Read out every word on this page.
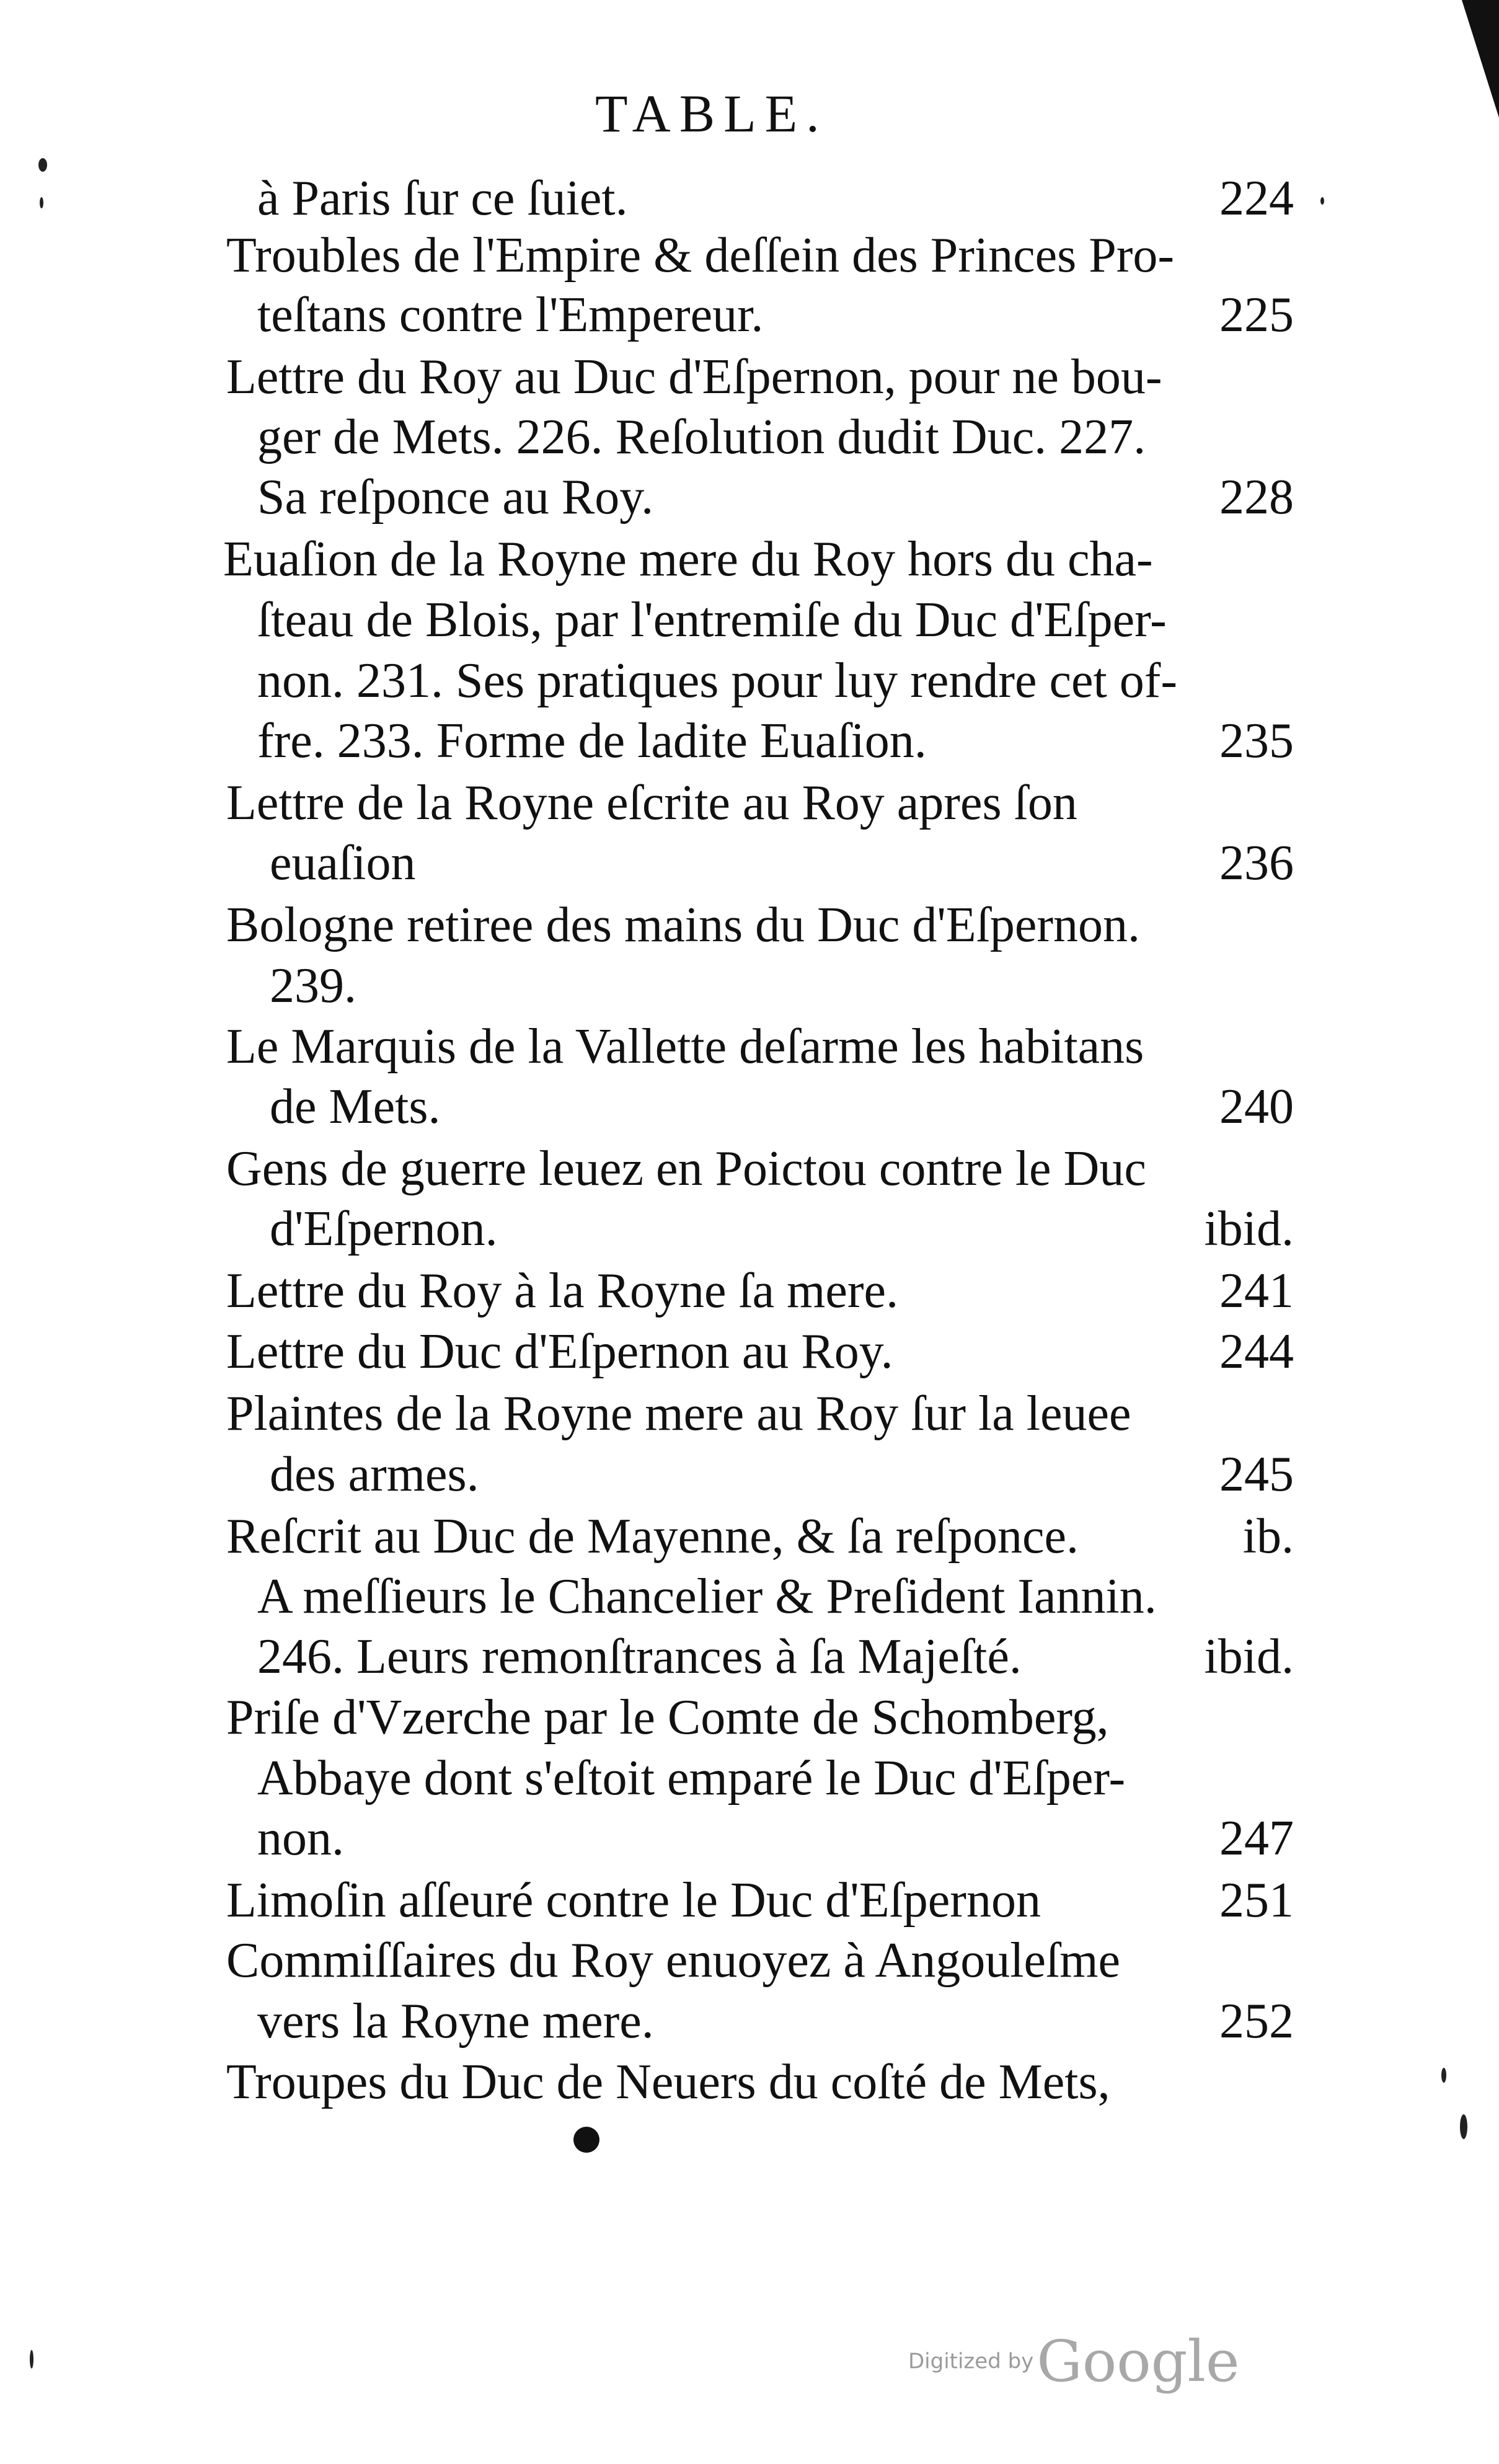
TABLE.
à Paris ſur ce ſuiet.	224
Troubles de l'Empire & deſſein des Princes Pro-
teſtans contre l'Empereur.	225
Lettre du Roy au Duc d'Eſpernon, pour ne bou-
ger de Mets. 226. Reſolution dudit Duc. 227.
Sa reſponce au Roy.	228
Euaſion de la Royne mere du Roy hors du cha-
ſteau de Blois, par l'entremiſe du Duc d'Eſper-
non. 231. Ses pratiques pour luy rendre cet of-
fre. 233. Forme de ladite Euaſion.	235
Lettre de la Royne eſcrite au Roy apres ſon
euaſion	236
Bologne retiree des mains du Duc d'Eſpernon.
239.
Le Marquis de la Vallette deſarme les habitans
de Mets.	240
Gens de guerre leuez en Poictou contre le Duc
d'Eſpernon.	ibid.
Lettre du Roy à la Royne ſa mere.	241
Lettre du Duc d'Eſpernon au Roy.	244
Plaintes de la Royne mere au Roy ſur la leuee
des armes.	245
Reſcrit au Duc de Mayenne, & ſa reſponce.	ib.
A meſſieurs le Chancelier & Preſident Iannin.
246. Leurs remonſtrances à ſa Majeſté.	ibid.
Priſe d'Vzerche par le Comte de Schomberg,
Abbaye dont s'eſtoit emparé le Duc d'Eſper-
non.	247
Limoſin aſſeuré contre le Duc d'Eſpernon	251
Commiſſaires du Roy enuoyez à Angouleſme
vers la Royne mere.	252
Troupes du Duc de Neuers du coſté de Mets,
Digitized by Google
